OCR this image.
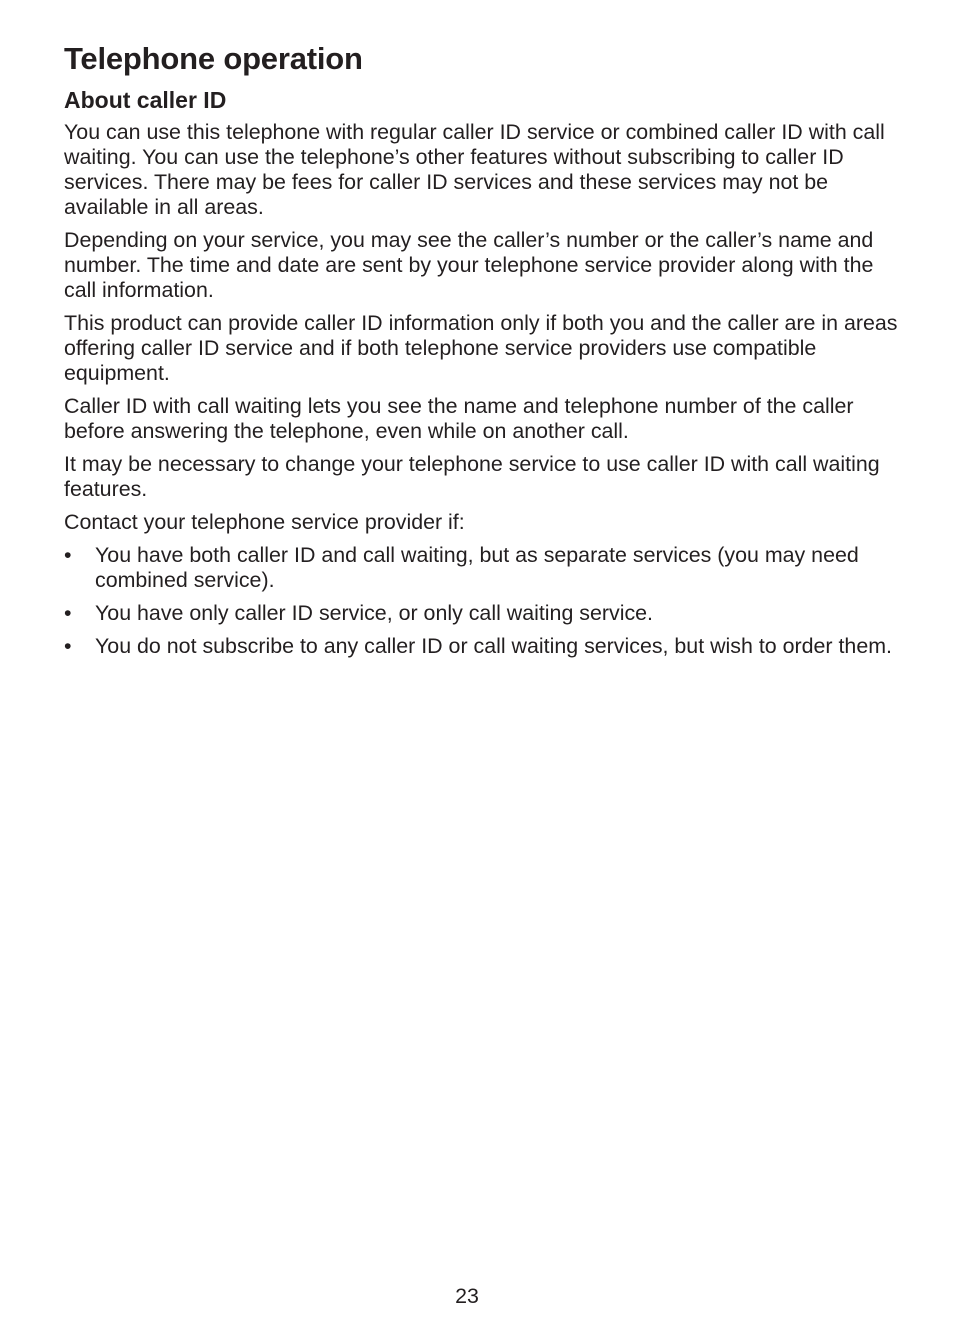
Telephone operation
About caller ID

You can use this telephone with regular caller ID service or combined caller ID with call waiting. You can use the telephone’s other features without subscribing to caller ID services. There may be fees for caller ID services and these services may not be available in all areas.

Depending on your service, you may see the caller’s number or the caller’s name and number. The time and date are sent by your telephone service provider along with the call information.

This product can provide caller ID information only if both you and the caller are in areas offering caller ID service and if both telephone service providers use compatible equipment.

Caller ID with call waiting lets you see the name and telephone number of the caller before answering the telephone, even while on another call.

It may be necessary to change your telephone service to use caller ID with call waiting features.

Contact your telephone service provider if:

• You have both caller ID and call waiting, but as separate services (you may need combined service).
• You have only caller ID service, or only call waiting service.
• You do not subscribe to any caller ID or call waiting services, but wish to order them.
23
